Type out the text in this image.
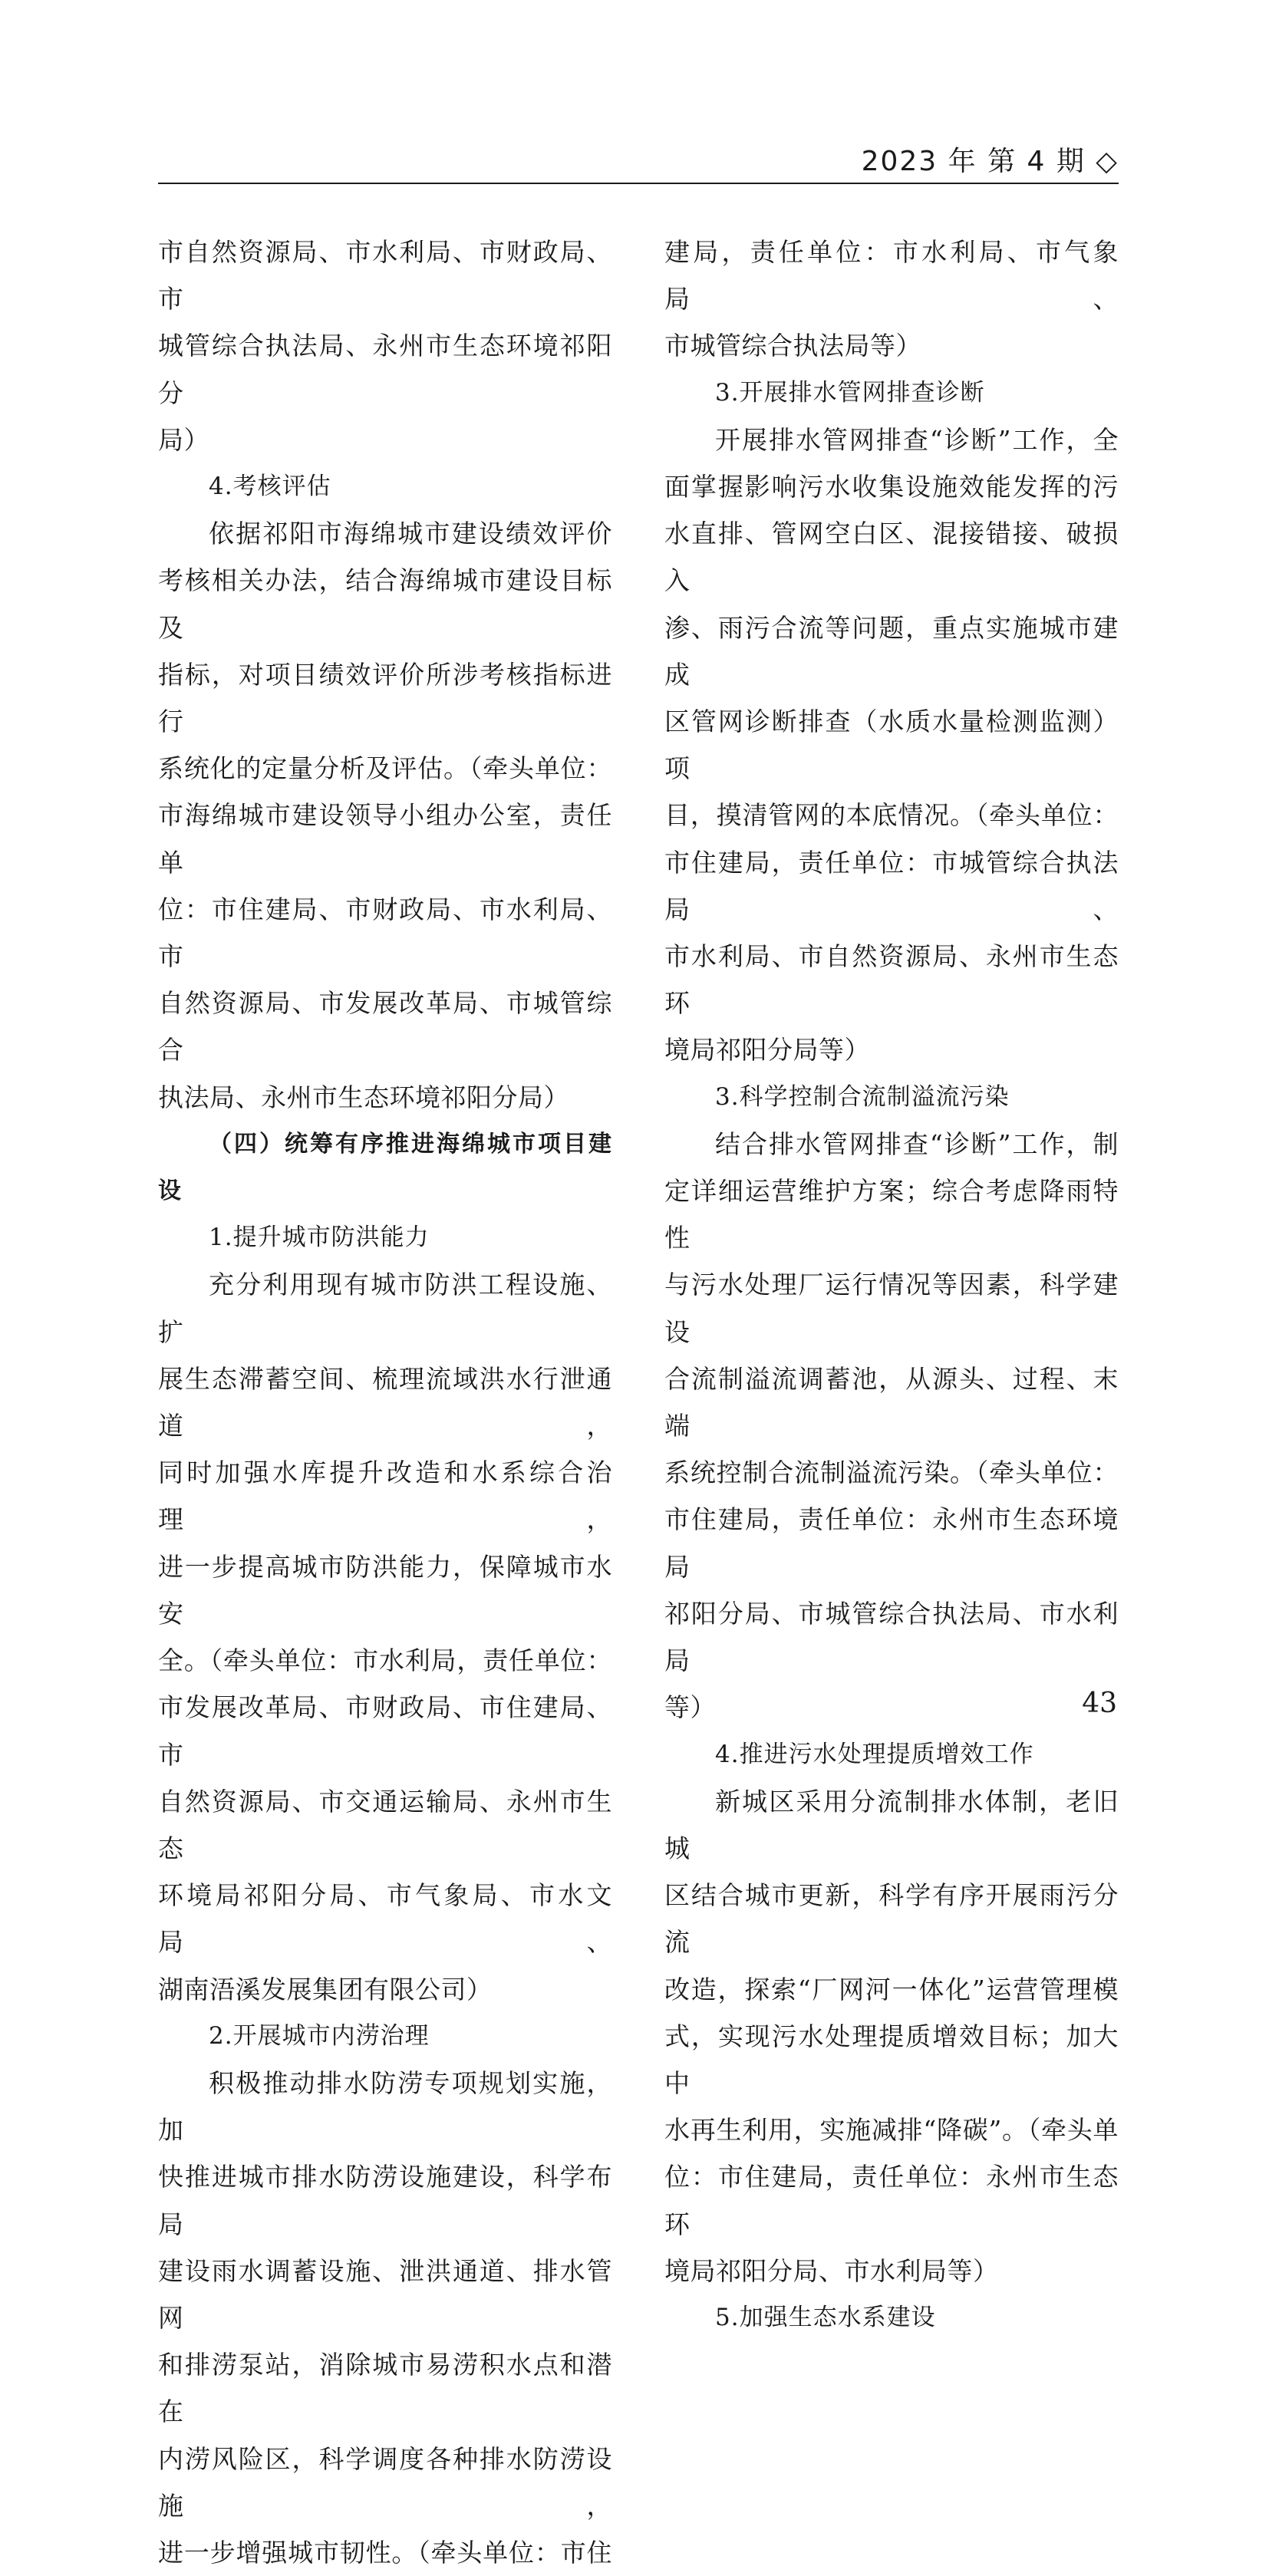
2023 年 第 4 期 ◇

市自然资源局、市水利局、市财政局、市

城管综合执法局、永州市生态环境祁阳分

局）

4.考核评估

依据祁阳市海绵城市建设绩效评价

考核相关办法，结合海绵城市建设目标及

指标，对项目绩效评价所涉考核指标进行

系统化的定量分析及评估。（牵头单位：

市海绵城市建设领导小组办公室，责任单

位：市住建局、市财政局、市水利局、市

自然资源局、市发展改革局、市城管综合

执法局、永州市生态环境祁阳分局）

（四）统筹有序推进海绵城市项目建设

1.提升城市防洪能力

充分利用现有城市防洪工程设施、扩

展生态滞蓄空间、梳理流域洪水行泄通道，

同时加强水库提升改造和水系综合治理，

进一步提高城市防洪能力，保障城市水安

全。（牵头单位：市水利局，责任单位：

市发展改革局、市财政局、市住建局、市

自然资源局、市交通运输局、永州市生态

环境局祁阳分局、市气象局、市水文局、

湖南浯溪发展集团有限公司）

2.开展城市内涝治理

积极推动排水防涝专项规划实施，加

快推进城市排水防涝设施建设，科学布局

建设雨水调蓄设施、泄洪通道、排水管网

和排涝泵站，消除城市易涝积水点和潜在

内涝风险区，科学调度各种排水防涝设施，

进一步增强城市韧性。（牵头单位：市住

建局，责任单位：市水利局、市气象局、

市城管综合执法局等）

3.开展排水管网排查诊断

开展排水管网排查“诊断”工作，全

面掌握影响污水收集设施效能发挥的污

水直排、管网空白区、混接错接、破损入

渗、雨污合流等问题，重点实施城市建成

区管网诊断排查（水质水量检测监测）项

目，摸清管网的本底情况。（牵头单位：

市住建局，责任单位：市城管综合执法局、

市水利局、市自然资源局、永州市生态环

境局祁阳分局等）

3.科学控制合流制溢流污染

结合排水管网排查“诊断”工作，制

定详细运营维护方案；综合考虑降雨特性

与污水处理厂运行情况等因素，科学建设

合流制溢流调蓄池，从源头、过程、末端

系统控制合流制溢流污染。（牵头单位：

市住建局，责任单位：永州市生态环境局

祁阳分局、市城管综合执法局、市水利局

等）

4.推进污水处理提质增效工作

新城区采用分流制排水体制，老旧城

区结合城市更新，科学有序开展雨污分流

改造，探索“厂网河一体化”运营管理模

式，实现污水处理提质增效目标；加大中

水再生利用，实施减排“降碳”。（牵头单

位：市住建局，责任单位：永州市生态环

境局祁阳分局、市水利局等）

5.加强生态水系建设

43
